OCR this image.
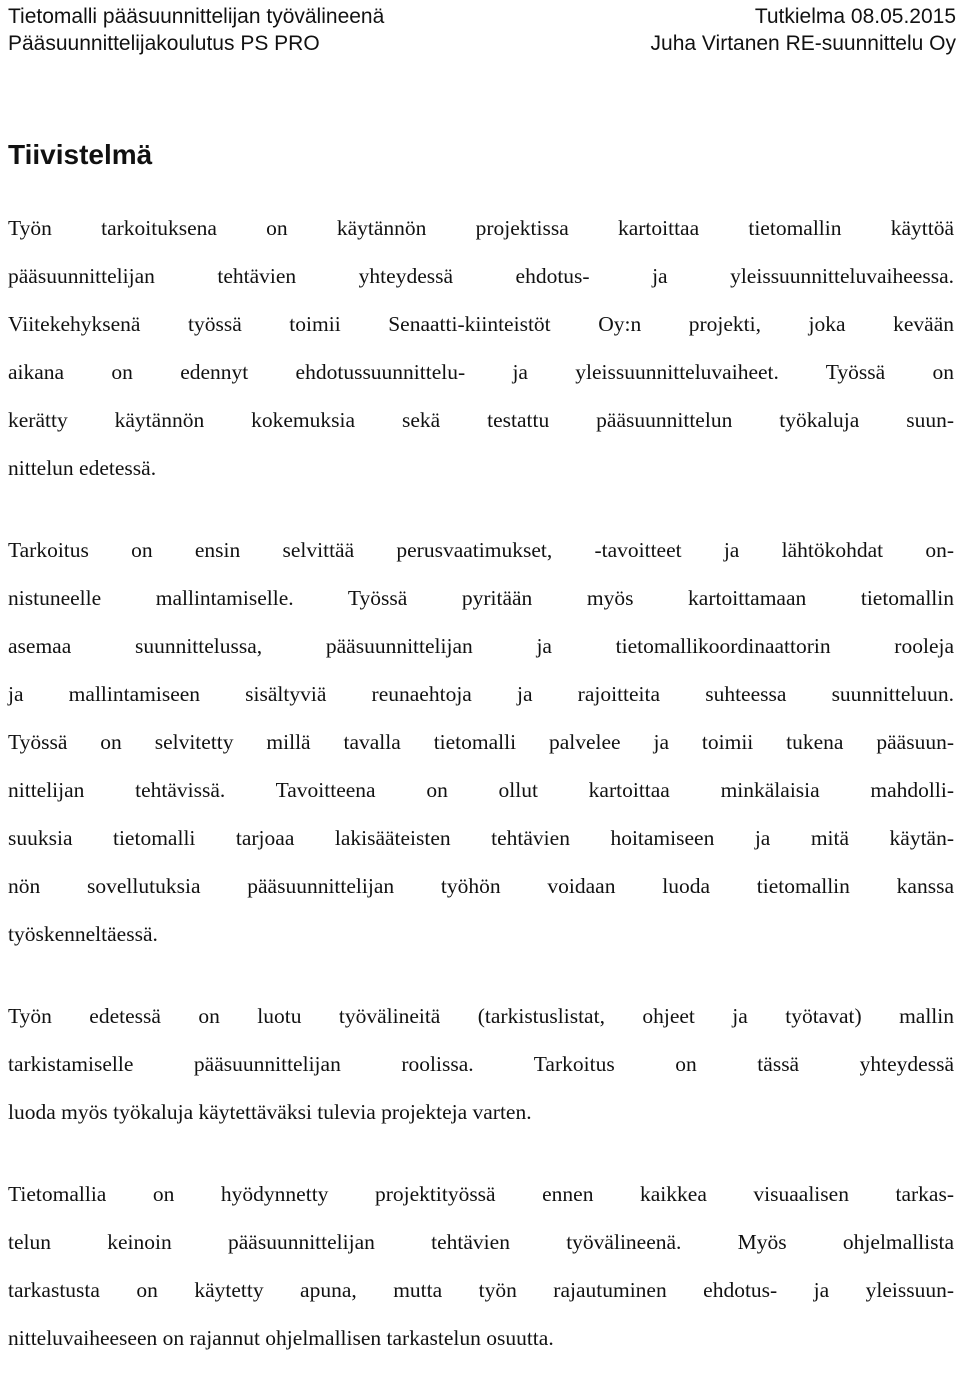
Tietomalli pääsuunnittelijan työvälineenä	Tutkielma 08.05.2015
Pääsuunnittelijakoulutus PS PRO	Juha Virtanen RE-suunnittelu Oy
Tiivistelmä

Työn tarkoituksena on käytännön projektissa kartoittaa tietomallin käyttöä
pääsuunnittelijan tehtävien yhteydessä ehdotus- ja yleissuunnitteluvaiheessa.
Viitekehyksenä työssä toimii Senaatti-kiinteistöt Oy:n projekti, joka kevään
aikana on edennyt ehdotussuunnittelu- ja yleissuunnitteluvaiheet. Työssä on
kerätty käytännön kokemuksia sekä testattu pääsuunnittelun työkaluja suun-
nittelun edetessä.

Tarkoitus on ensin selvittää perusvaatimukset, -tavoitteet ja lähtökohdat on-
nistuneelle mallintamiselle. Työssä pyritään myös kartoittamaan tietomallin
asemaa suunnittelussa, pääsuunnittelijan ja tietomallikoordinaattorin rooleja
ja mallintamiseen sisältyviä reunaehtoja ja rajoitteita suhteessa suunnitteluun.
Työssä on selvitetty millä tavalla tietomalli palvelee ja toimii tukena pääsuun-
nittelijan tehtävissä. Tavoitteena on ollut kartoittaa minkälaisia mahdolli-
suuksia tietomalli tarjoaa lakisääteisten tehtävien hoitamiseen ja mitä käytän-
nön sovellutuksia pääsuunnittelijan työhön voidaan luoda tietomallin kanssa
työskenneltäessä.

Työn edetessä on luotu työvälineitä (tarkistuslistat, ohjeet ja työtavat) mallin
tarkistamiselle pääsuunnittelijan roolissa. Tarkoitus on tässä yhteydessä
luoda myös työkaluja käytettäväksi tulevia projekteja varten.

Tietomallia on hyödynnetty projektityössä ennen kaikkea visuaalisen tarkas-
telun keinoin pääsuunnittelijan tehtävien työvälineenä. Myös ohjelmallista
tarkastusta on käytetty apuna, mutta työn rajautuminen ehdotus- ja yleissuun-
nitteluvaiheeseen on rajannut ohjelmallisen tarkastelun osuutta.
